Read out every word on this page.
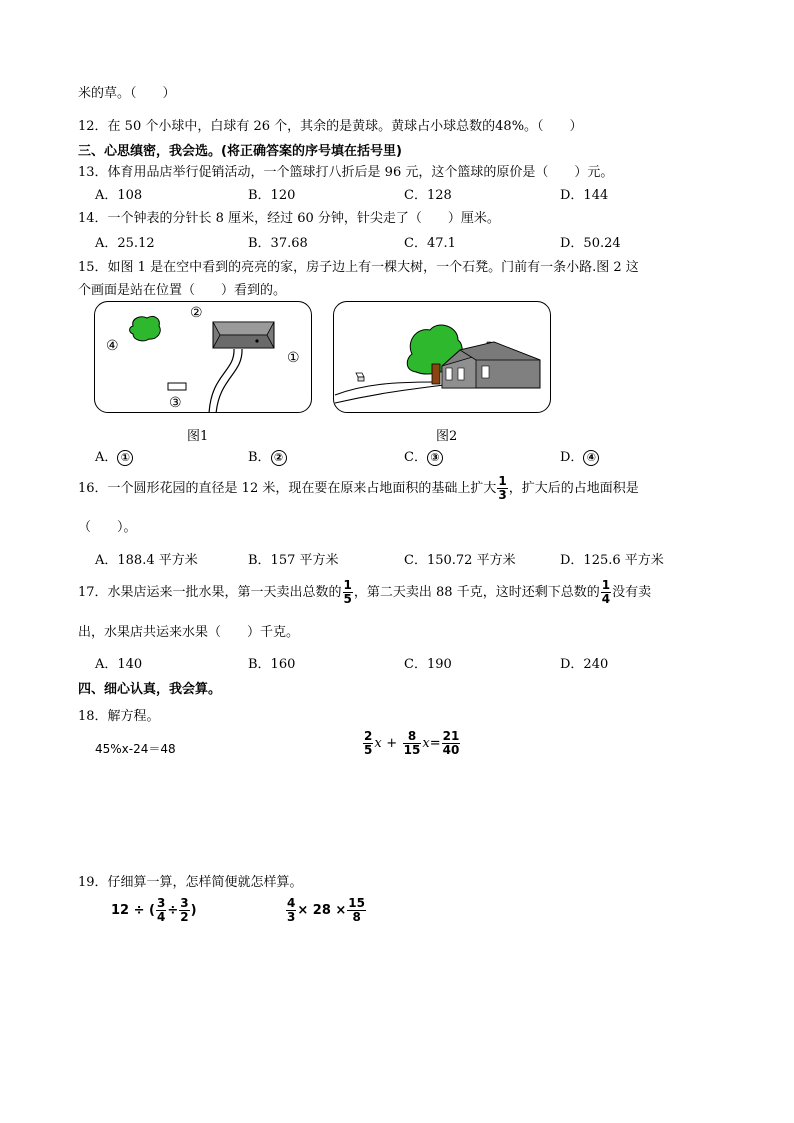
米的草。（　　）
12．在 50 个小球中，白球有 26 个，其余的是黄球。黄球占小球总数的48%。（　　）
三、心思缜密，我会选。(将正确答案的序号填在括号里)
13．体育用品店举行促销活动，一个篮球打八折后是 96 元，这个篮球的原价是（　　）元。
A．108	B．120	C．128	D．144
14．一个钟表的分针长 8 厘米，经过 60 分钟，针尖走了（　　）厘米。
A．25.12	B．37.68	C．47.1	D．50.24
15．如图 1 是在空中看到的亮亮的家，房子边上有一棵大树，一个石凳。门前有一条小路.图 2 这
个画面是站在位置（　　）看到的。
②
④
①
③
图1	图2
A． ①	B． ②	C． ③	D． ④
16．一个圆形花园的直径是 12 米，现在要在原来占地面积的基础上扩大 $\frac{1}{3}$ ，扩大后的占地面积是
（　　）。
A．188.4 平方米	B．157 平方米	C．150.72 平方米	D．125.6 平方米
17．水果店运来一批水果，第一天卖出总数的 $\frac{1}{5}$ ，第二天卖出 88 千克，这时还剩下总数的 $\frac{1}{4}$ 没有卖
出，水果店共运来水果（　　）千克。
A．140	B．160	C．190	D．240
四、细心认真，我会算。
18．解方程。
45%x-24＝48	$\frac{2}{5}$ $x + \frac{8}{15} x= \frac{21}{40}$
19．仔细算一算，怎样简便就怎样算。
12 ÷ ( $\frac{3}{4} \div \frac{3}{2}$ )	$\frac{4}{3} \times 28 \times \frac{15}{8}$
